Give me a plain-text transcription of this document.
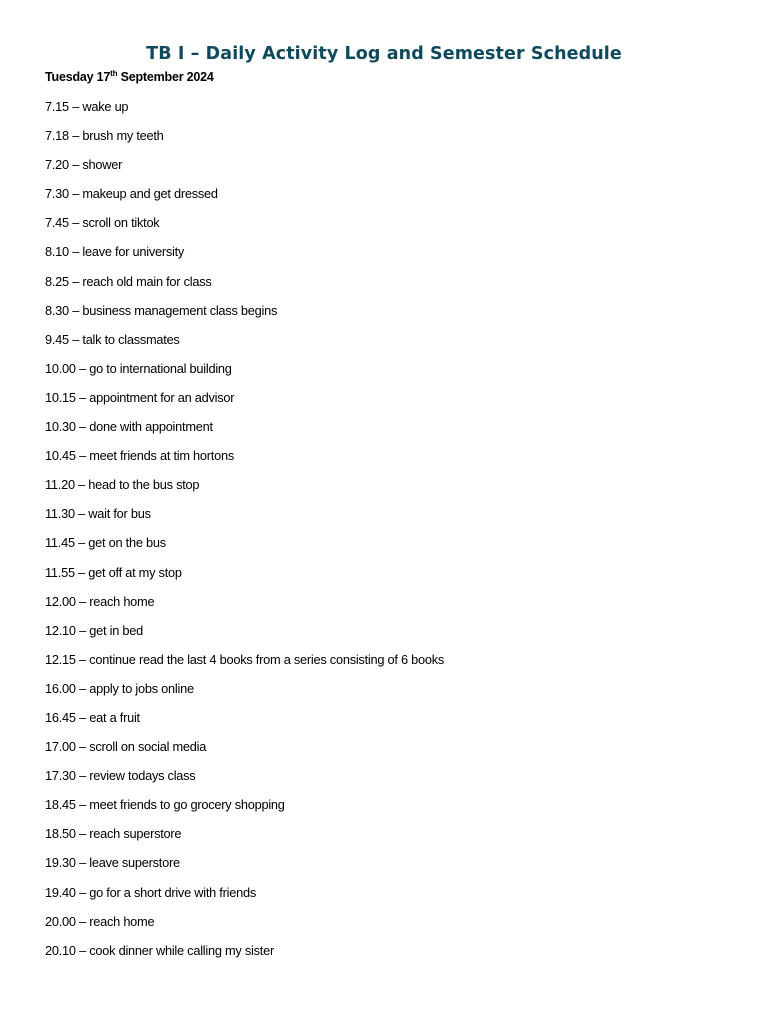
TB I – Daily Activity Log and Semester Schedule
Tuesday 17th September 2024
7.15 – wake up
7.18 – brush my teeth
7.20 – shower
7.30 – makeup and get dressed
7.45 – scroll on tiktok
8.10 – leave for university
8.25 – reach old main for class
8.30 – business management class begins
9.45 – talk to classmates
10.00 – go to international building
10.15 – appointment for an advisor
10.30 – done with appointment
10.45 – meet friends at tim hortons
11.20 – head to the bus stop
11.30 – wait for bus
11.45 – get on the bus
11.55 – get off at my stop
12.00 – reach home
12.10 – get in bed
12.15 – continue read the last 4 books from a series consisting of 6 books
16.00 – apply to jobs online
16.45 – eat a fruit
17.00 – scroll on social media
17.30 – review todays class
18.45 – meet friends to go grocery shopping
18.50 – reach superstore
19.30 – leave superstore
19.40 – go for a short drive with friends
20.00 – reach home
20.10 – cook dinner while calling my sister
